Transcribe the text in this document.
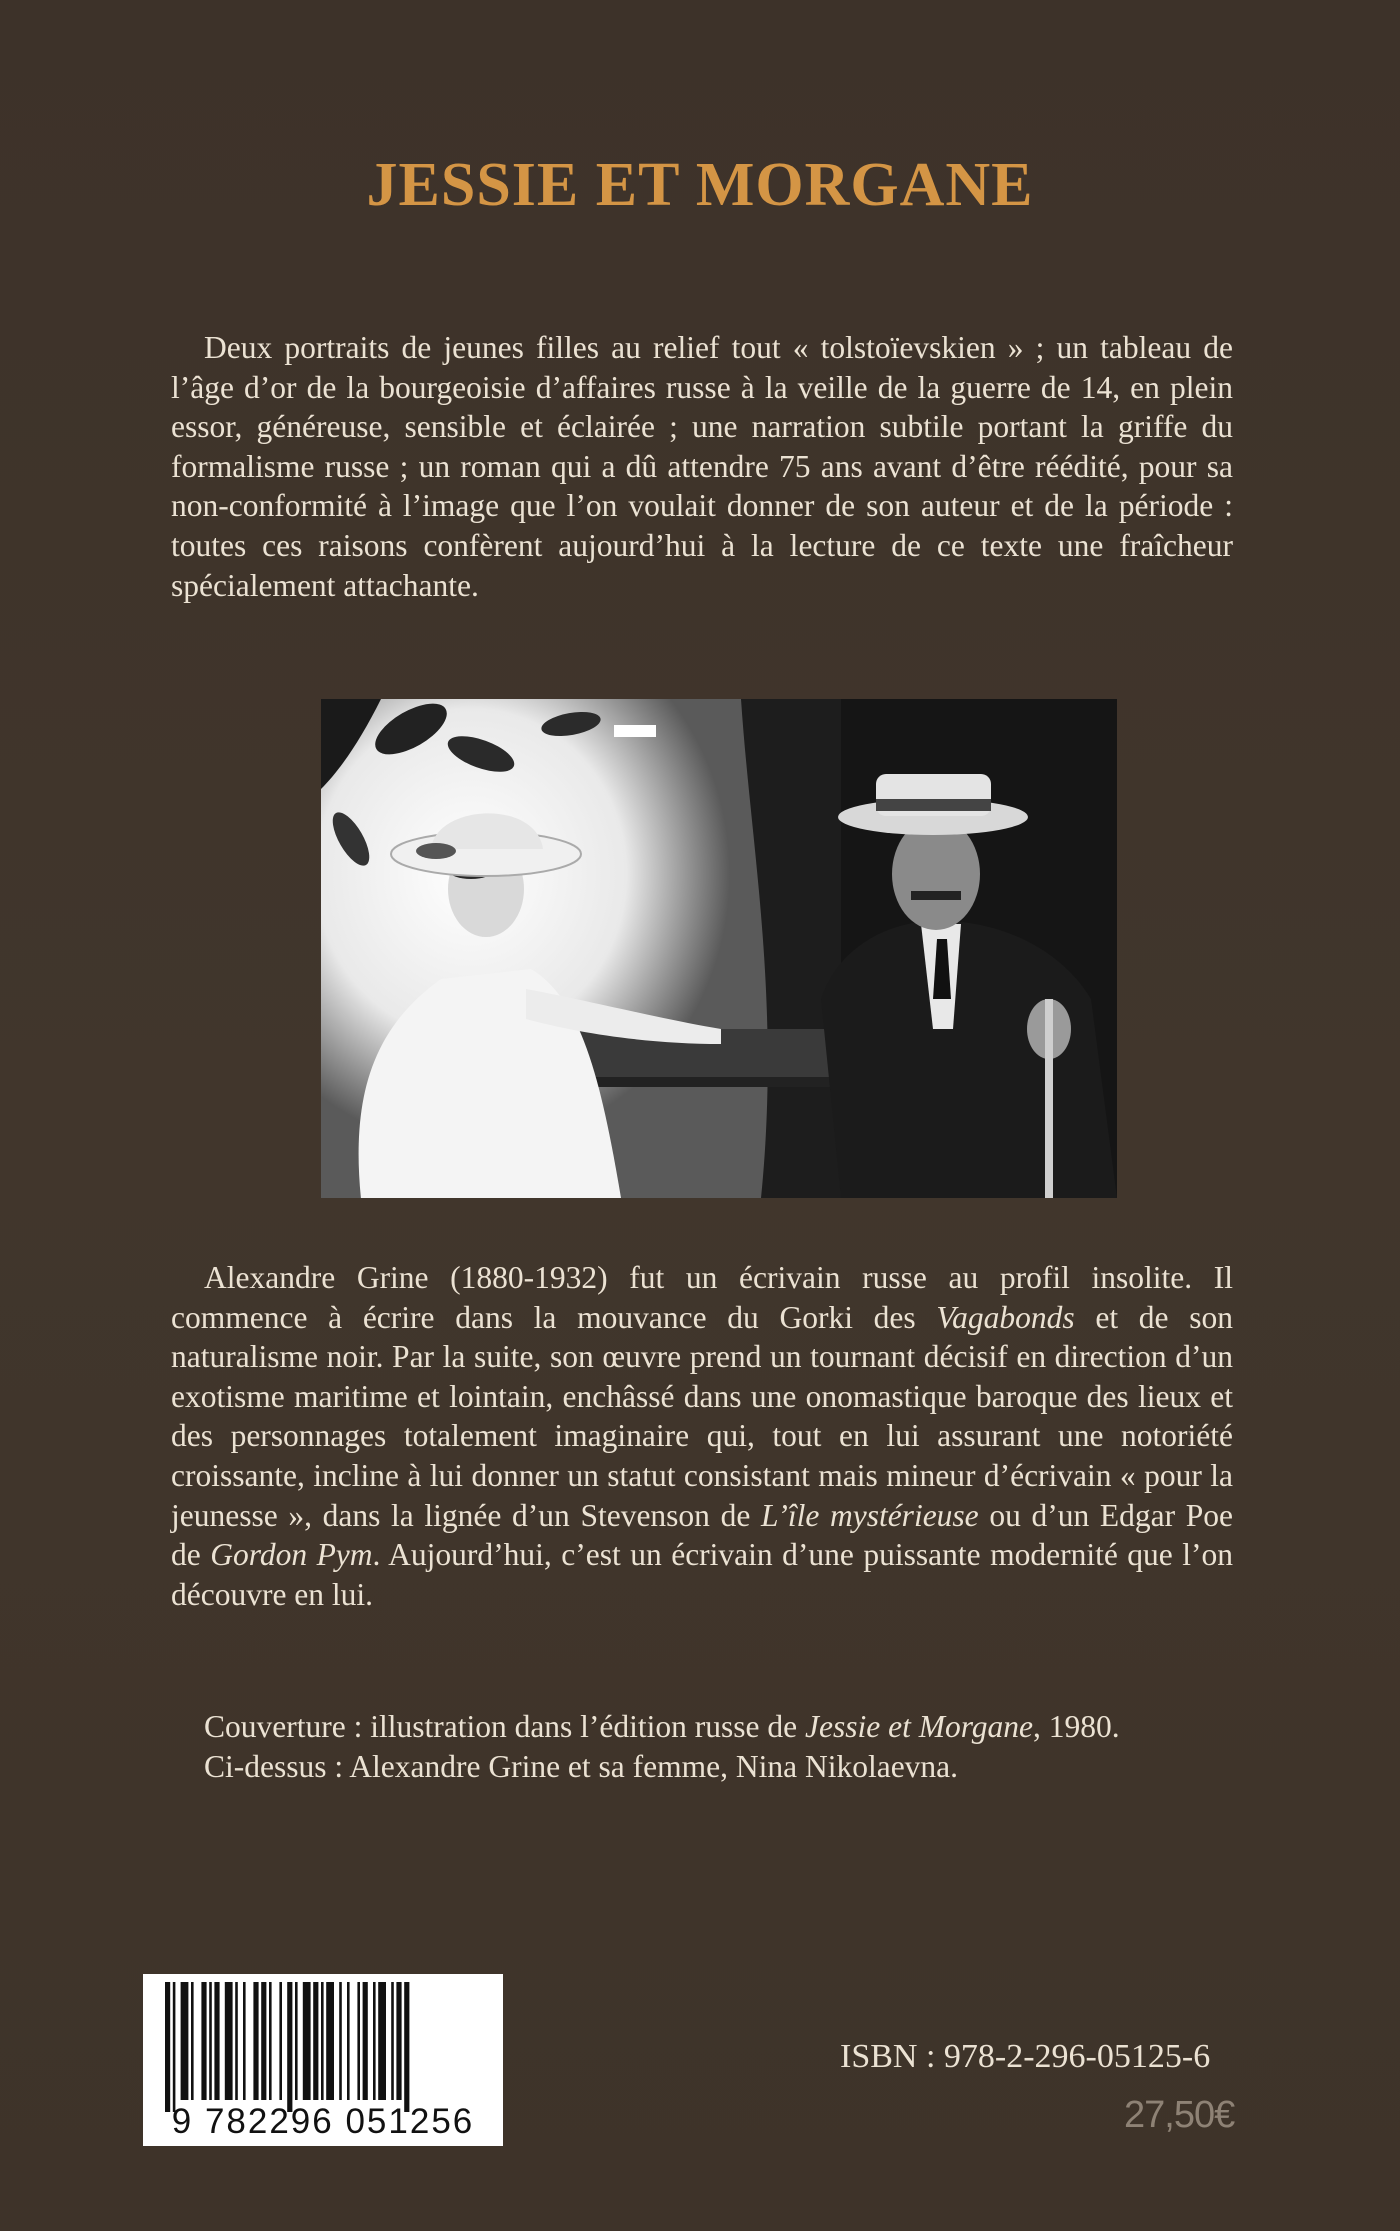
JESSIE ET MORGANE
Deux portraits de jeunes filles au relief tout « tolstoïevskien » ; un tableau de l’âge d’or de la bourgeoisie d’affaires russe à la veille de la guerre de 14, en plein essor, généreuse, sensible et éclairée ; une narration subtile portant la griffe du formalisme russe ; un roman qui a dû attendre 75 ans avant d’être réédité, pour sa non-conformité à l’image que l’on voulait donner de son auteur et de la période : toutes ces raisons confèrent aujourd’hui à la lecture de ce texte une fraîcheur spécialement attachante.
Alexandre Grine (1880-1932) fut un écrivain russe au profil insolite. Il commence à écrire dans la mouvance du Gorki des Vagabonds et de son naturalisme noir. Par la suite, son œuvre prend un tournant décisif en direction d’un exotisme maritime et lointain, enchâssé dans une onomastique baroque des lieux et des personnages totalement imaginaire qui, tout en lui assurant une notoriété croissante, incline à lui donner un statut consistant mais mineur d’écrivain « pour la jeunesse », dans la lignée d’un Stevenson de L’île mystérieuse ou d’un Edgar Poe de Gordon Pym. Aujourd’hui, c’est un écrivain d’une puissante modernité que l’on découvre en lui.
Couverture : illustration dans l’édition russe de Jessie et Morgane, 1980.
Ci-dessus : Alexandre Grine et sa femme, Nina Nikolaevna.
9 782296 051256
ISBN : 978-2-296-05125-6
27,50€
